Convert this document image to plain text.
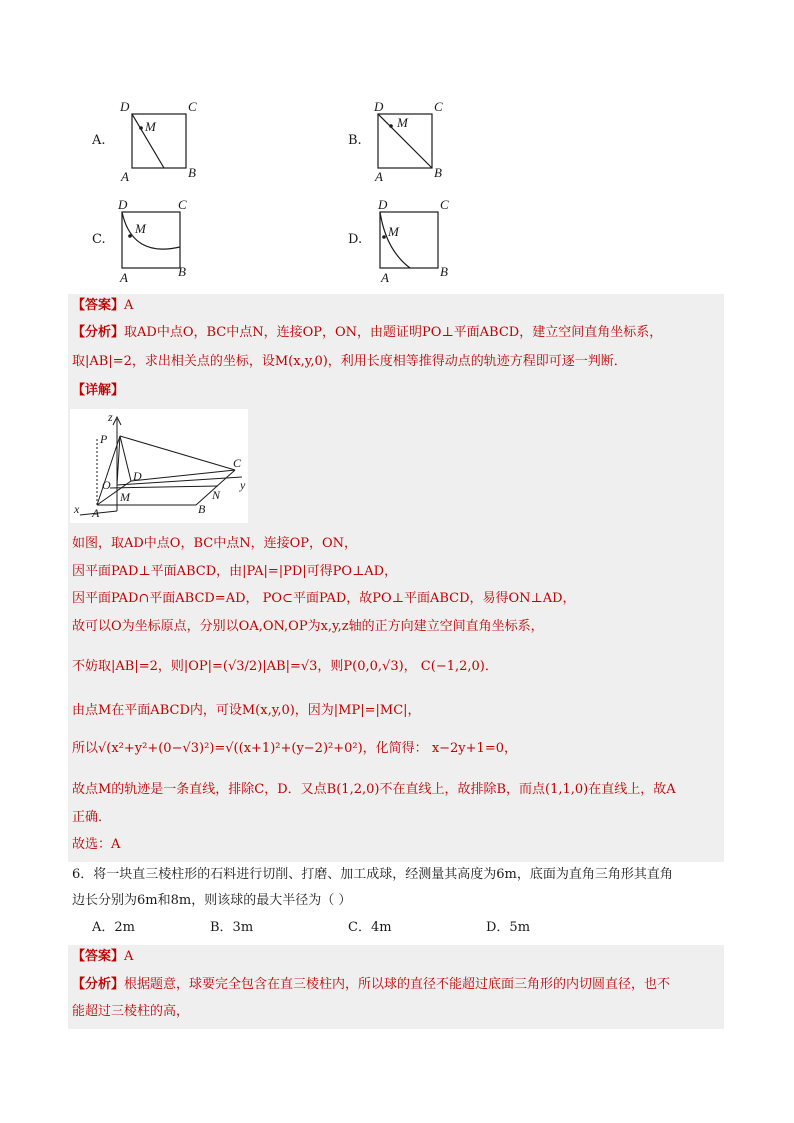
A.
D	C
M
A	B
B.
D	C
M
A	B
C.
D	C
M
A	B
D.
D	C
M
A	B
【答案】A
【分析】取AD中点O，BC中点N，连接OP，ON，由题证明PO⊥平面ABCD，建立空间直角坐标系，
取|AB|=2，求出相关点的坐标，设M(x,y,0)，利用长度相等推得动点的轨迹方程即可逐一判断．
【详解】
z
P
D
C
y
O
M	N
x A	B
如图，取AD中点O，BC中点N，连接OP，ON，
因平面PAD⊥平面ABCD，由|PA|=|PD|可得PO⊥AD，
因平面PAD∩平面ABCD=AD， PO⊂平面PAD，故PO⊥平面ABCD，易得ON⊥AD，
故可以O为坐标原点，分别以OA,ON,OP为x,y,z轴的正方向建立空间直角坐标系，
不妨取|AB|=2，则|OP|=(√3/2)|AB|=√3，则P(0,0,√3)， C(−1,2,0)．
由点M在平面ABCD内，可设M(x,y,0)，因为|MP|=|MC|，
所以√(x²+y²+(0−√3)²)=√((x+1)²+(y−2)²+0²)，化简得： x−2y+1=0，
故点M的轨迹是一条直线，排除C，D．又点B(1,2,0)不在直线上，故排除B，而点(1,1,0)在直线上，故A
正确．
故选：A
6．将一块直三棱柱形的石料进行切削、打磨、加工成球，经测量其高度为6m，底面为直角三角形其直角
边长分别为6m和8m，则该球的最大半径为（ ）
A．2m	B．3m	C．4m	D．5m
【答案】A
【分析】根据题意，球要完全包含在直三棱柱内，所以球的直径不能超过底面三角形的内切圆直径，也不
能超过三棱柱的高，
